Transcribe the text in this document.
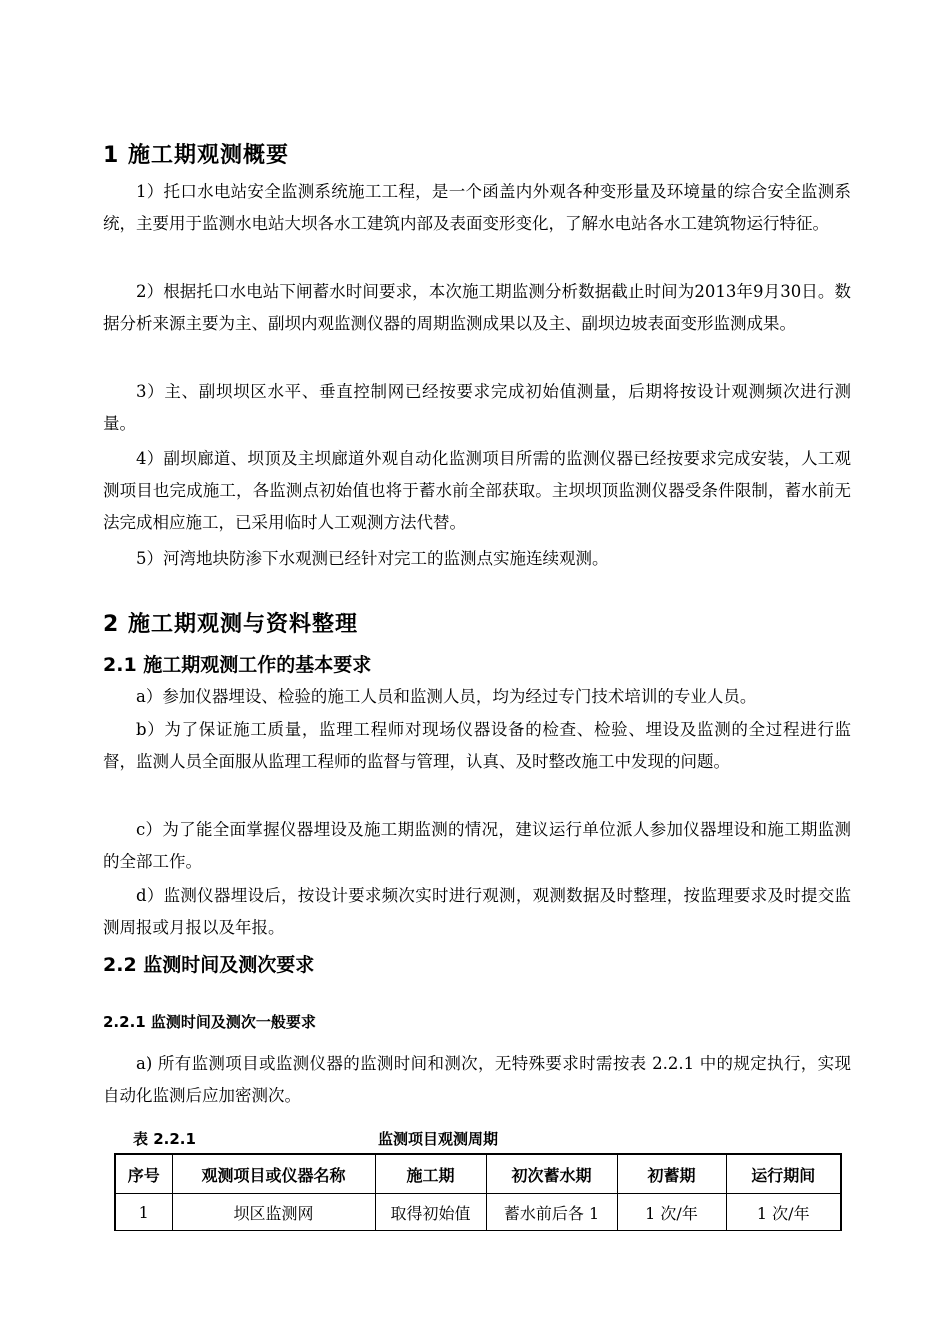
1 施工期观测概要
1）托口水电站安全监测系统施工工程，是一个函盖内外观各种变形量及环境量的综合安全监测系统，主要用于监测水电站大坝各水工建筑内部及表面变形变化，了解水电站各水工建筑物运行特征。
2）根据托口水电站下闸蓄水时间要求，本次施工期监测分析数据截止时间为2013年9月30日。数据分析来源主要为主、副坝内观监测仪器的周期监测成果以及主、副坝边坡表面变形监测成果。
3）主、副坝坝区水平、垂直控制网已经按要求完成初始值测量，后期将按设计观测频次进行测量。
4）副坝廊道、坝顶及主坝廊道外观自动化监测项目所需的监测仪器已经按要求完成安装，人工观测项目也完成施工，各监测点初始值也将于蓄水前全部获取。主坝坝顶监测仪器受条件限制，蓄水前无法完成相应施工，已采用临时人工观测方法代替。
5）河湾地块防渗下水观测已经针对完工的监测点实施连续观测。
2 施工期观测与资料整理
2.1 施工期观测工作的基本要求
a）参加仪器埋设、检验的施工人员和监测人员，均为经过专门技术培训的专业人员。
b）为了保证施工质量，监理工程师对现场仪器设备的检查、检验、埋设及监测的全过程进行监督，监测人员全面服从监理工程师的监督与管理，认真、及时整改施工中发现的问题。
c）为了能全面掌握仪器埋设及施工期监测的情况，建议运行单位派人参加仪器埋设和施工期监测的全部工作。
d）监测仪器埋设后，按设计要求频次实时进行观测，观测数据及时整理，按监理要求及时提交监测周报或月报以及年报。
2.2 监测时间及测次要求
2.2.1 监测时间及测次一般要求
a) 所有监测项目或监测仪器的监测时间和测次，无特殊要求时需按表 2.2.1 中的规定执行，实现自动化监测后应加密测次。
表 2.2.1	监测项目观测周期
序号	观测项目或仪器名称	施工期	初次蓄水期	初蓄期	运行期间
1	坝区监测网	取得初始值	蓄水前后各 1	1 次/年	1 次/年
